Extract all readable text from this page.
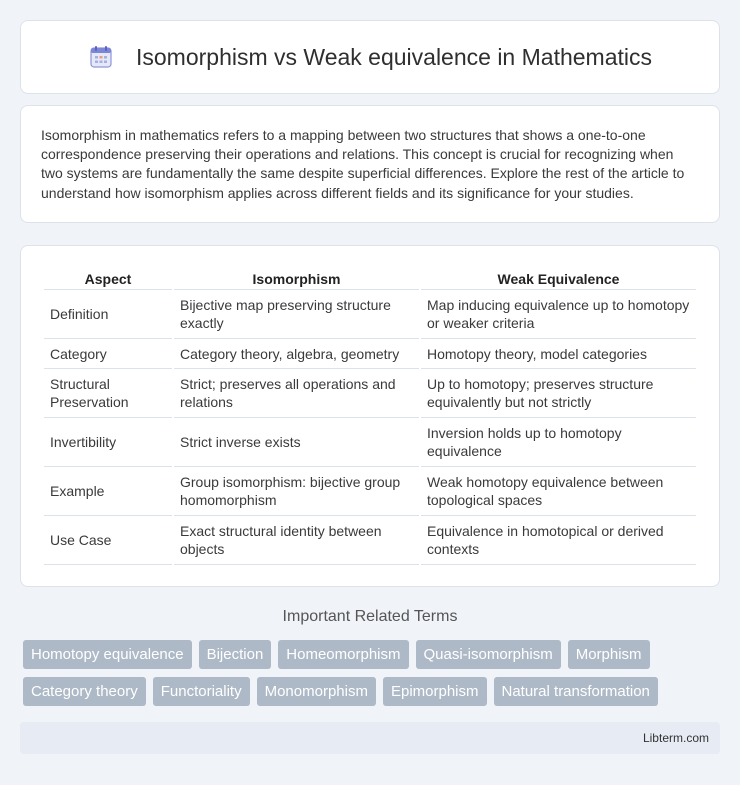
Isomorphism vs Weak equivalence in Mathematics

Isomorphism in mathematics refers to a mapping between two structures that shows a one-to-one correspondence preserving their operations and relations. This concept is crucial for recognizing when two systems are fundamentally the same despite superficial differences. Explore the rest of the article to understand how isomorphism applies across different fields and its significance for your studies.

Aspect	Isomorphism	Weak Equivalence
Definition	Bijective map preserving structure exactly	Map inducing equivalence up to homotopy or weaker criteria
Category	Category theory, algebra, geometry	Homotopy theory, model categories
Structural Preservation	Strict; preserves all operations and relations	Up to homotopy; preserves structure equivalently but not strictly
Invertibility	Strict inverse exists	Inversion holds up to homotopy equivalence
Example	Group isomorphism: bijective group homomorphism	Weak homotopy equivalence between topological spaces
Use Case	Exact structural identity between objects	Equivalence in homotopical or derived contexts
Important Related Terms
Homotopy equivalence	Bijection	Homeomorphism	Quasi-isomorphism	Morphism
Category theory	Functoriality	Monomorphism	Epimorphism	Natural transformation
Libterm.com
